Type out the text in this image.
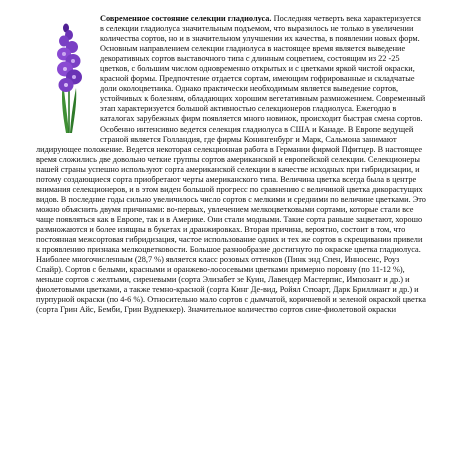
Современное состояние селекции гладиолуса. Последняя четверть века характеризуется в селекции гладиолуса значительным подъемом, что выразилось не только в увеличении количества сортов, но и в значительном улучшении их качества, в появлении новых форм. Основным направлением селекции гладиолуса в настоящее время является выведение декоративных сортов выставочного типа с длинным соцветием, состоящим из 22 -25 цветков, с большим числом одновременно открытых и с цветками яркой чистой окраски, красной формы. Предпочтение отдается сортам, имеющим гофрированные и складчатые доли околоцветника. Однако практически необходимым является выведение сортов, устойчивых к болезням, обладающих хорошим вегетативным размножением. Современный этап характеризуется большой активностью селекционеров гладиолуса. Ежегодно в каталогах зарубежных фирм появляется много новинок, происходит быстрая смена сортов. Особенно интенсивно ведется селекция гладиолуса в США и Канаде. В Европе ведущей страной является Голландия, где фирмы Конингенбург и Марк, Сальмона занимают лидирующее положение. Ведется некоторая селекционная работа в Германии фирмой Пфитцер. В настоящее время сложились две довольно четкие группы сортов американской и европейской селекции. Селекционеры нашей страны успешно используют сорта американской селекции в качестве исходных при гибридизации, и потому создающиеся сорта приобретают черты американского типа. Величина цветка всегда была в центре внимания селекционеров, и в этом виден большой прогресс по сравнению с величиной цветка дикорастущих видов. В последние годы сильно увеличилось число сортов с мелкими и средними по величине цветками. Это можно объяснить двумя причинами: во-первых, увлечением мелкоцветковыми сортами, которые стали все чаще появляться как в Европе, так и в Америке. Они стали модными. Такие сорта раньше зацветают, хорошо размножаются и более изящны в букетах и дранжировках. Вторая причина, вероятно, состоит в том, что постоянная межсортовая гибридизация, частое использование одних и тех же сортов в скрещивании привели к проявлению признака мелкоцветковости. Большое разнообразие достигнуто по окраске цветка гладиолуса. Наиболее многочисленным (28,7 %) является класс розовых оттенков (Пинк энд Спен, Инносенс, Роуз Спайр). Сортов с белыми, красными и оранжево-лососевыми цветками примерно поровну (по 11-12 %), меньше сортов с желтыми, сиреневыми (сорта Элизабет зе Куин, Лавендер Мастерпис, Импозант и др.) и фиолетовыми цветками, а также темно-красной (сорта Кинг Де-вид, Ройял Стюарт, Дарк Бриллиант и др.) и пурпурной окраски (по 4-6 %). Относительно мало сортов с дымчатой, коричневой и зеленой окраской цветка (сорта Грин Айс, Бемби, Грин Вудпеккер). Значительное количество сортов сине-фиолетовой окраски
